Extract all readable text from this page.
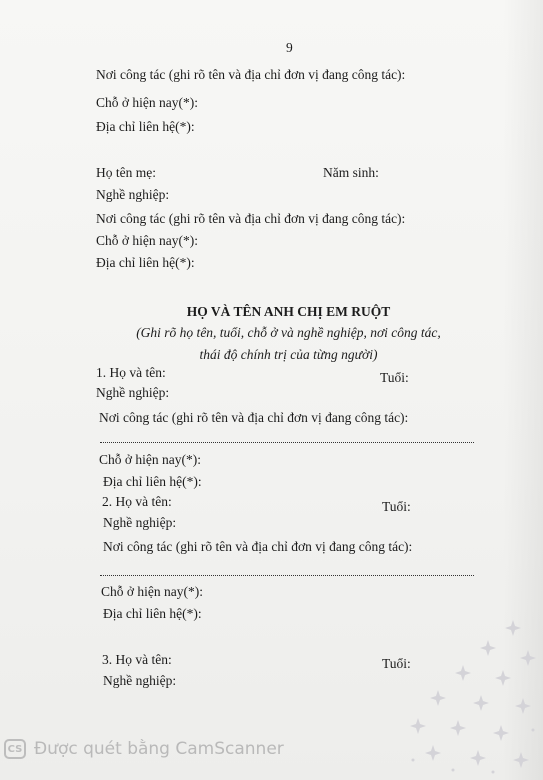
9
Nơi công tác (ghi rõ tên và địa chỉ đơn vị đang công tác):
Chỗ ở hiện nay(*):
Địa chỉ liên hệ(*):
Họ tên mẹ:	Năm sinh:
Nghề nghiệp:
Nơi công tác (ghi rõ tên và địa chỉ đơn vị đang công tác):
Chỗ ở hiện nay(*):
Địa chỉ liên hệ(*):
HỌ VÀ TÊN ANH CHỊ EM RUỘT
(Ghi rõ họ tên, tuổi, chỗ ở và nghề nghiệp, nơi công tác,
thái độ chính trị của từng người)
1. Họ và tên:	Tuổi:
Nghề nghiệp:
Nơi công tác (ghi rõ tên và địa chỉ đơn vị đang công tác):
Chỗ ở hiện nay(*):
Địa chỉ liên hệ(*):
2. Họ và tên:	Tuổi:
Nghề nghiệp:
Nơi công tác (ghi rõ tên và địa chỉ đơn vị đang công tác):
Chỗ ở hiện nay(*):
Địa chỉ liên hệ(*):
3. Họ và tên:	Tuổi:
Nghề nghiệp:
CS Được quét bằng CamScanner
